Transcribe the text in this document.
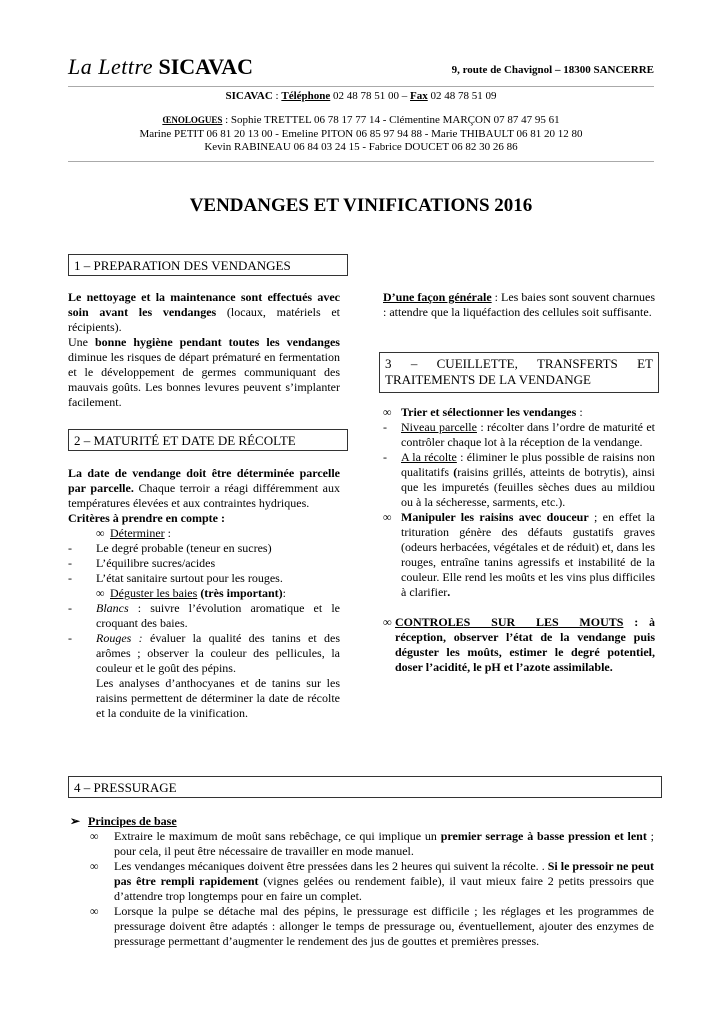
La Lettre SICAVAC	9, route de Chavignol – 18300 SANCERRE
SICAVAC : Téléphone 02 48 78 51 00 – Fax 02 48 78 51 09
ŒNOLOGUES : Sophie TRETTEL 06 78 17 77 14 - Clémentine MARÇON 07 87 47 95 61
Marine PETIT 06 81 20 13 00 - Emeline PITON 06 85 97 94 88 - Marie THIBAULT 06 81 20 12 80
Kevin RABINEAU 06 84 03 24 15 - Fabrice DOUCET 06 82 30 26 86
VENDANGES ET VINIFICATIONS 2016
1 – PREPARATION DES VENDANGES

Le nettoyage et la maintenance sont effectués avec soin avant les vendanges (locaux, matériels et récipients).

Une bonne hygiène pendant toutes les vendanges diminue les risques de départ prématuré en fermentation et le développement de germes communiquant des mauvais goûts. Les bonnes levures peuvent s’implanter facilement.

2 – MATURITÉ ET DATE DE RÉCOLTE

La date de vendange doit être déterminée parcelle par parcelle. Chaque terroir a réagi différemment aux températures élevées et aux contraintes hydriques.

Critères à prendre en compte :

∞ Déterminer :

- Le degré probable (teneur en sucres)

- L’équilibre sucres/acides

- L’état sanitaire surtout pour les rouges.

∞ Déguster les baies (très important):

- Blancs : suivre l’évolution aromatique et le croquant des baies.

- Rouges : évaluer la qualité des tanins et des arômes ; observer la couleur des pellicules, la couleur et le goût des pépins.

Les analyses d’anthocyanes et de tanins sur les raisins permettent de déterminer la date de récolte et la conduite de la vinification.

D’une façon générale : Les baies sont souvent charnues : attendre que la liquéfaction des cellules soit suffisante.

3 – CUEILLETTE, TRANSFERTS ET TRAITEMENTS DE LA VENDANGE

∞ Trier et sélectionner les vendanges :

- Niveau parcelle : récolter dans l’ordre de maturité et contrôler chaque lot à la réception de la vendange.

- A la récolte : éliminer le plus possible de raisins non qualitatifs (raisins grillés, atteints de botrytis), ainsi que les impuretés (feuilles sèches dues au mildiou ou à la sécheresse, sarments, etc.).

∞ Manipuler les raisins avec douceur ; en effet la trituration génère des défauts gustatifs graves (odeurs herbacées, végétales et de réduit) et, dans les rouges, entraîne tanins agressifs et instabilité de la couleur. Elle rend les moûts et les vins plus difficiles à clarifier.

∞ CONTROLES SUR LES MOUTS : à réception, observer l’état de la vendange puis déguster les moûts, estimer le degré potentiel, doser l’acidité, le pH et l’azote assimilable.

4 – PRESSURAGE
➢ Principes de base
∞ Extraire le maximum de moût sans rebêchage, ce qui implique un premier serrage à basse pression et lent ; pour cela, il peut être nécessaire de travailler en mode manuel.
∞ Les vendanges mécaniques doivent être pressées dans les 2 heures qui suivent la récolte. . Si le pressoir ne peut pas être rempli rapidement (vignes gelées ou rendement faible), il vaut mieux faire 2 petits pressoirs que d’attendre trop longtemps pour en faire un complet.
∞ Lorsque la pulpe se détache mal des pépins, le pressurage est difficile ; les réglages et les programmes de pressurage doivent être adaptés : allonger le temps de pressurage ou, éventuellement, ajouter des enzymes de pressurage permettant d’augmenter le rendement des jus de gouttes et premières presses.
